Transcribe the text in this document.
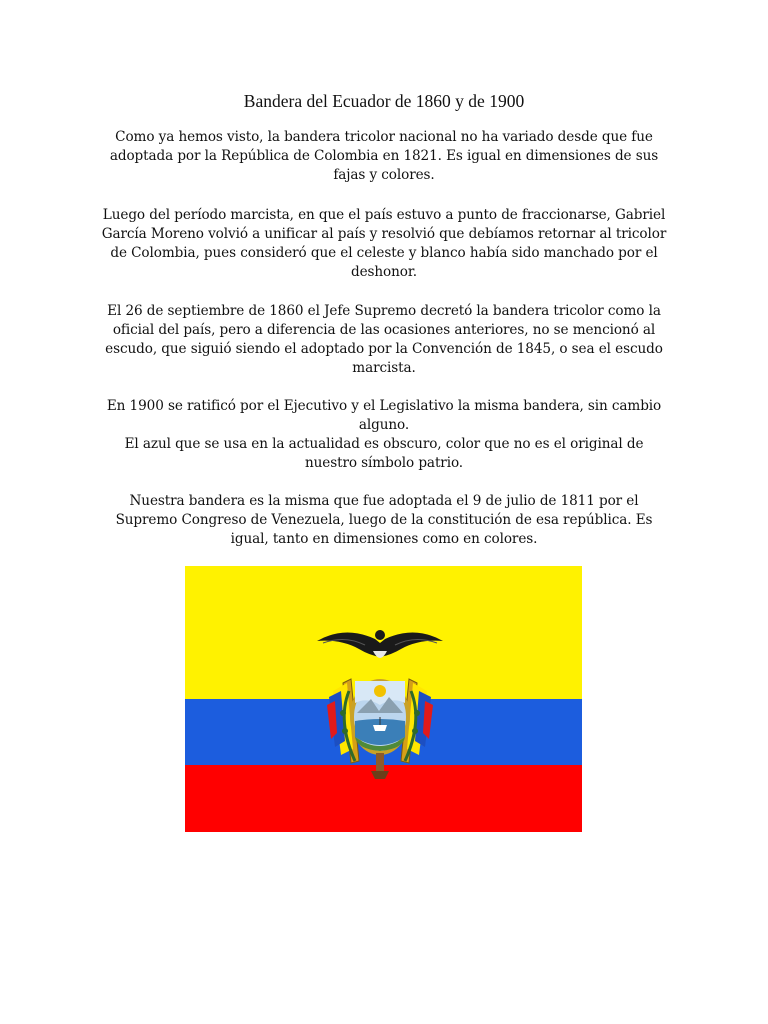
Bandera del Ecuador de 1860 y de 1900

Como ya hemos visto, la bandera tricolor nacional no ha variado desde que fue adoptada por la República de Colombia en 1821. Es igual en dimensiones de sus fajas y colores.

Luego del período marcista, en que el país estuvo a punto de fraccionarse, Gabriel García Moreno volvió a unificar al país y resolvió que debíamos retornar al tricolor de Colombia, pues consideró que el celeste y blanco había sido manchado por el deshonor.

El 26 de septiembre de 1860 el Jefe Supremo decretó la bandera tricolor como la oficial del país, pero a diferencia de las ocasiones anteriores, no se mencionó al escudo, que siguió siendo el adoptado por la Convención de 1845, o sea el escudo marcista.

En 1900 se ratificó por el Ejecutivo y el Legislativo la misma bandera, sin cambio alguno.

El azul que se usa en la actualidad es obscuro, color que no es el original de nuestro símbolo patrio.

Nuestra bandera es la misma que fue adoptada el 9 de julio de 1811 por el Supremo Congreso de Venezuela, luego de la constitución de esa república. Es igual, tanto en dimensiones como en colores.
